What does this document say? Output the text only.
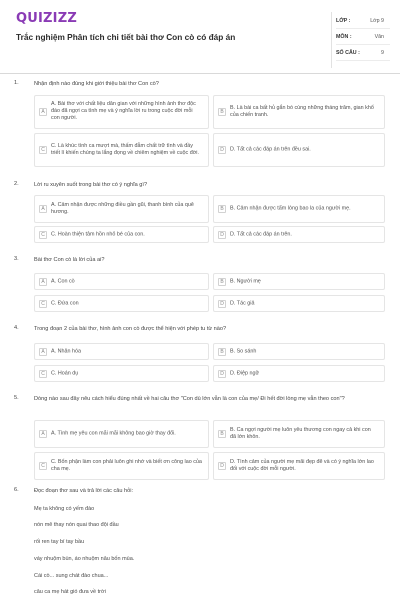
QUIZIZZ
Trắc nghiệm Phân tích chi tiết bài thơ Con cò có đáp án
LỚP :	Lớp 9
MÔN :	Văn
SỐ CÂU :	9
1.	Nhận định nào đúng khi giới thiệu bài thơ Con cò?
A
A. Bài thơ với chất liệu dân gian với những hình ảnh thơ độc đáo đã ngợi ca tình mẹ và ý nghĩa lời ru trong cuộc đời mỗi con người.
B
B. Là bài ca bất hủ gắn bó cùng những tháng trăm, gian khổ của chiến tranh.
C
C. Là khúc tình ca mượt mà, thấm đẫm chất trữ tình và đầy triết lí khiến chúng ta lắng đọng về chiêm nghiệm về cuộc đời.	D	D. Tất cả các đáp án trên đều sai.
2.	Lời ru xuyên suốt trong bài thơ có ý nghĩa gì?
A
A. Cảm nhận được những điều gần gũi, thanh bình của quê hương.	B	B. Cảm nhận được tấm lòng bao la của người mẹ.
C	C. Hoàn thiện tâm hồn nhỏ bé của con.	D	D. Tất cả các đáp án trên.
3.	Bài thơ Con cò là lời của ai?
A	A. Con cò	B	B. Người mẹ
C	C. Đứa con	D	D. Tác giả
4.	Trong đoạn 2 của bài thơ, hình ảnh con cò được thể hiện với phép tu từ nào?
A	A. Nhân hóa	B	B. So sánh
C	C. Hoán dụ	D	D. Điệp ngữ
5.	Dòng nào sau đây nêu cách hiểu đúng nhất về hai câu thơ "Con dù lớn vẫn là con của mẹ/ Đi hết đời lòng mẹ vẫn theo con"?
A	A. Tình mẹ yêu con mãi mãi không bao giờ thay đổi.	B
B. Ca ngợi người mẹ luôn yêu thương con ngay cả khi con đã lớn khôn.
C
C. Bổn phận làm con phải luôn ghi nhớ và biết ơn công lao của cha mẹ.	D
D. Tình cảm của người mẹ mãi đẹp đẽ và có ý nghĩa lớn lao đối với cuộc đời mỗi người.
6.	Đọc đoạn thơ sau và trả lời các câu hỏi:
Mẹ ta không có yếm đào
nón mê thay nón quai thao đội đầu
rối ren tay bí tay bầu
váy nhuộm bùn, áo nhuộm nâu bốn mùa.
Cái cò... sung chát đào chua...
câu ca mẹ hát gió đưa về trời
